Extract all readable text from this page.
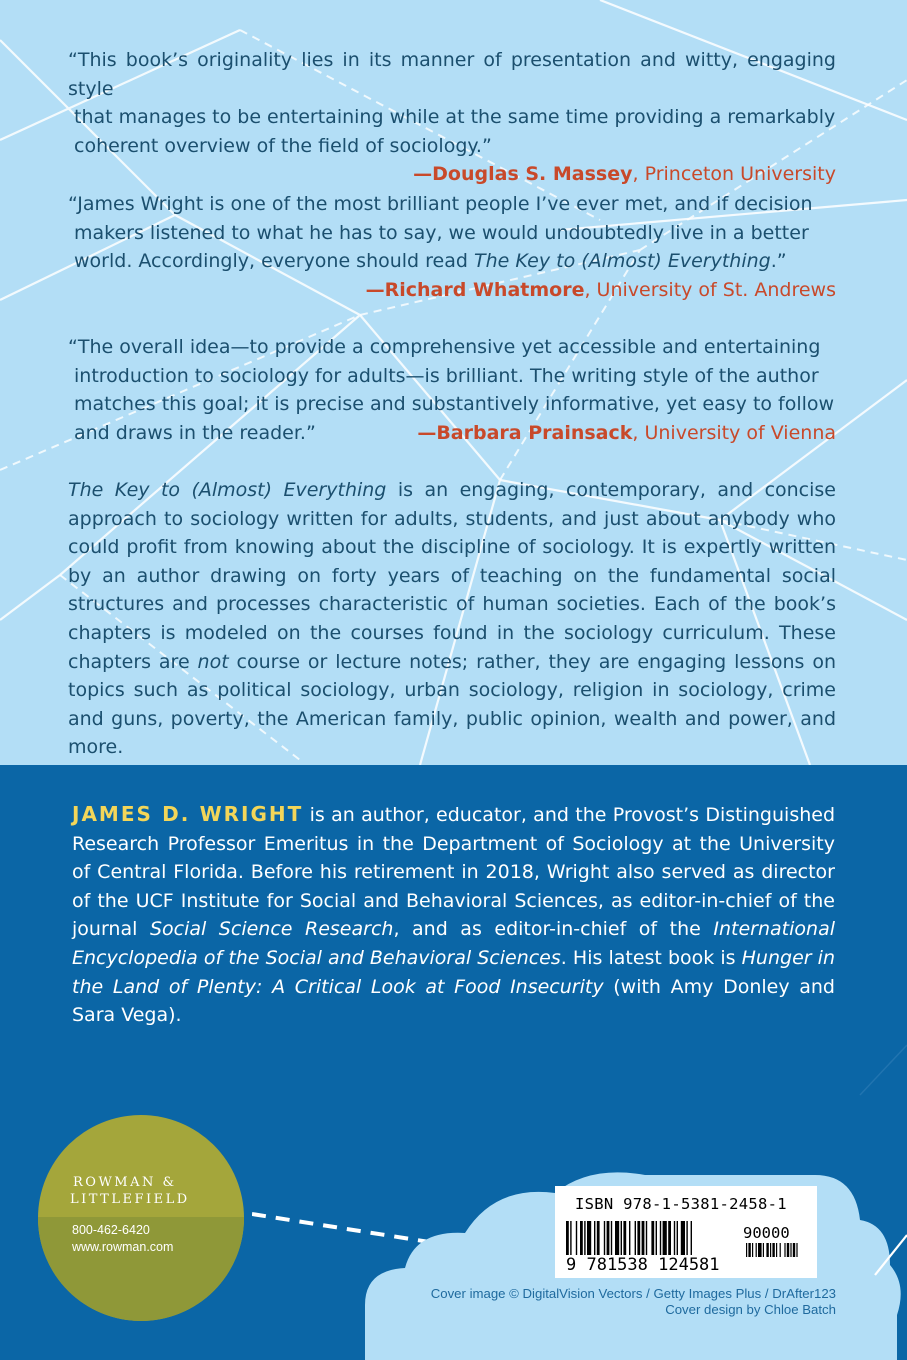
“This book’s originality lies in its manner of presentation and witty, engaging style
that manages to be entertaining while at the same time providing a remarkably
coherent overview of the field of sociology.”
—Douglas S. Massey, Princeton University
“James Wright is one of the most brilliant people I’ve ever met, and if decision
makers listened to what he has to say, we would undoubtedly live in a better
world. Accordingly, everyone should read The Key to (Almost) Everything.”
—Richard Whatmore, University of St. Andrews
“The overall idea—to provide a comprehensive yet accessible and entertaining
introduction to sociology for adults—is brilliant. The writing style of the author
matches this goal; it is precise and substantively informative, yet easy to follow
and draws in the reader.”	—Barbara Prainsack, University of Vienna
The Key to (Almost) Everything is an engaging, contemporary, and concise approach to sociology written for adults, students, and just about anybody who could profit from knowing about the discipline of sociology. It is expertly written by an author drawing on forty years of teaching on the fundamental social structures and processes characteristic of human societies. Each of the book’s chapters is modeled on the courses found in the sociology curriculum. These chapters are not course or lecture notes; rather, they are engaging lessons on topics such as political sociology, urban sociology, religion in sociology, crime and guns, poverty, the American family, public opinion, wealth and power, and more.
JAMES D. WRIGHT is an author, educator, and the Provost’s Distinguished Research Professor Emeritus in the Department of Sociology at the University of Central Florida. Before his retirement in 2018, Wright also served as director of the UCF Institute for Social and Behavioral Sciences, as editor-in-chief of the journal Social Science Research, and as editor-in-chief of the International Encyclopedia of the Social and Behavioral Sciences. His latest book is Hunger in the Land of Plenty: A Critical Look at Food Insecurity (with Amy Donley and Sara Vega).
ISBN 978-1-5381-2458-1
90000
9 781538 124581
Cover image © DigitalVision Vectors / Getty Images Plus / DrAfter123
Cover design by Chloe Batch
ROWMAN &
LITTLEFIELD
800-462-6420
www.rowman.com
